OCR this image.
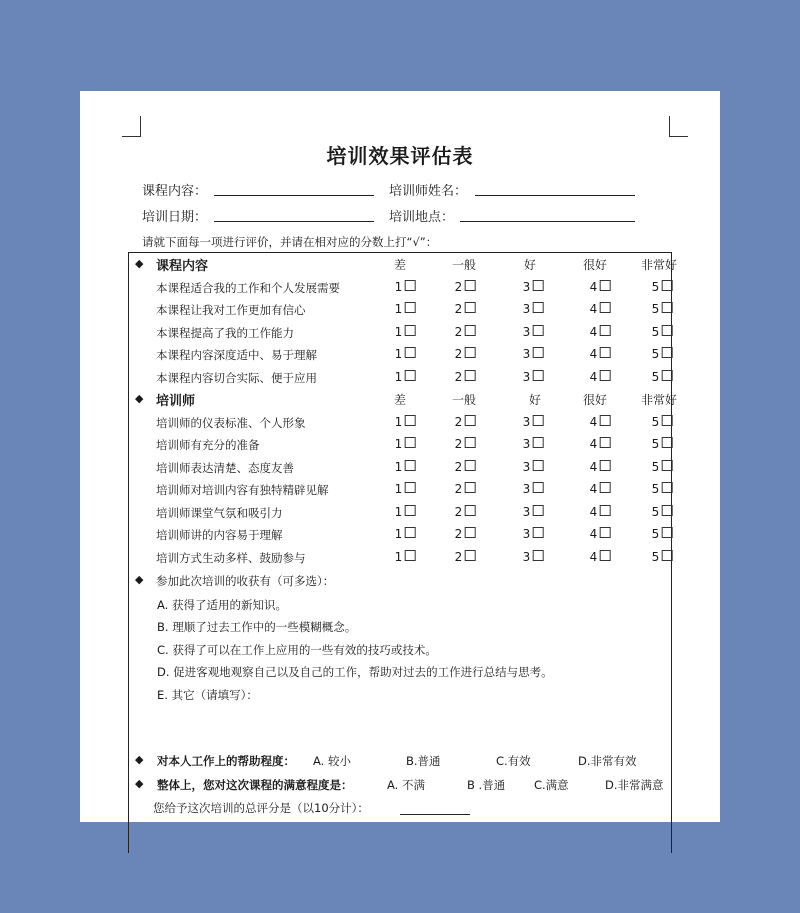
培训效果评估表
课程内容：	培训师姓名：
培训日期：	培训地点：
请就下面每一项进行评价，并请在相对应的分数上打“√”：
◆ 课程内容	差	一般	好	很好	非常好
本课程适合我的工作和个人发展需要	1	2	3	4	5
本课程让我对工作更加有信心	1	2	3	4	5
本课程提高了我的工作能力	1	2	3	4	5
本课程内容深度适中、易于理解	1	2	3	4	5
本课程内容切合实际、便于应用	1	2	3	4	5
◆ 培训师	差	一般	好	很好	非常好
培训师的仪表标准、个人形象	1	2	3	4	5
培训师有充分的准备	1	2	3	4	5
培训师表达清楚、态度友善	1	2	3	4	5
培训师对培训内容有独特精辟见解	1	2	3	4	5
培训师课堂气氛和吸引力	1	2	3	4	5
培训师讲的内容易于理解	1	2	3	4	5
培训方式生动多样、鼓励参与	1	2	3	4	5
◆ 参加此次培训的收获有（可多选）：
A. 获得了适用的新知识。
B. 理顺了过去工作中的一些模糊概念。
C. 获得了可以在工作上应用的一些有效的技巧或技术。
D. 促进客观地观察自己以及自己的工作，帮助对过去的工作进行总结与思考。
E. 其它（请填写）：
◆ 对本人工作上的帮助程度： A. 较小	B.普通	C.有效	D.非常有效
◆ 整体上，您对这次课程的满意程度是：	A. 不满	B .普通	C.满意	D.非常满意
您给予这次培训的总评分是（以10分计）：
